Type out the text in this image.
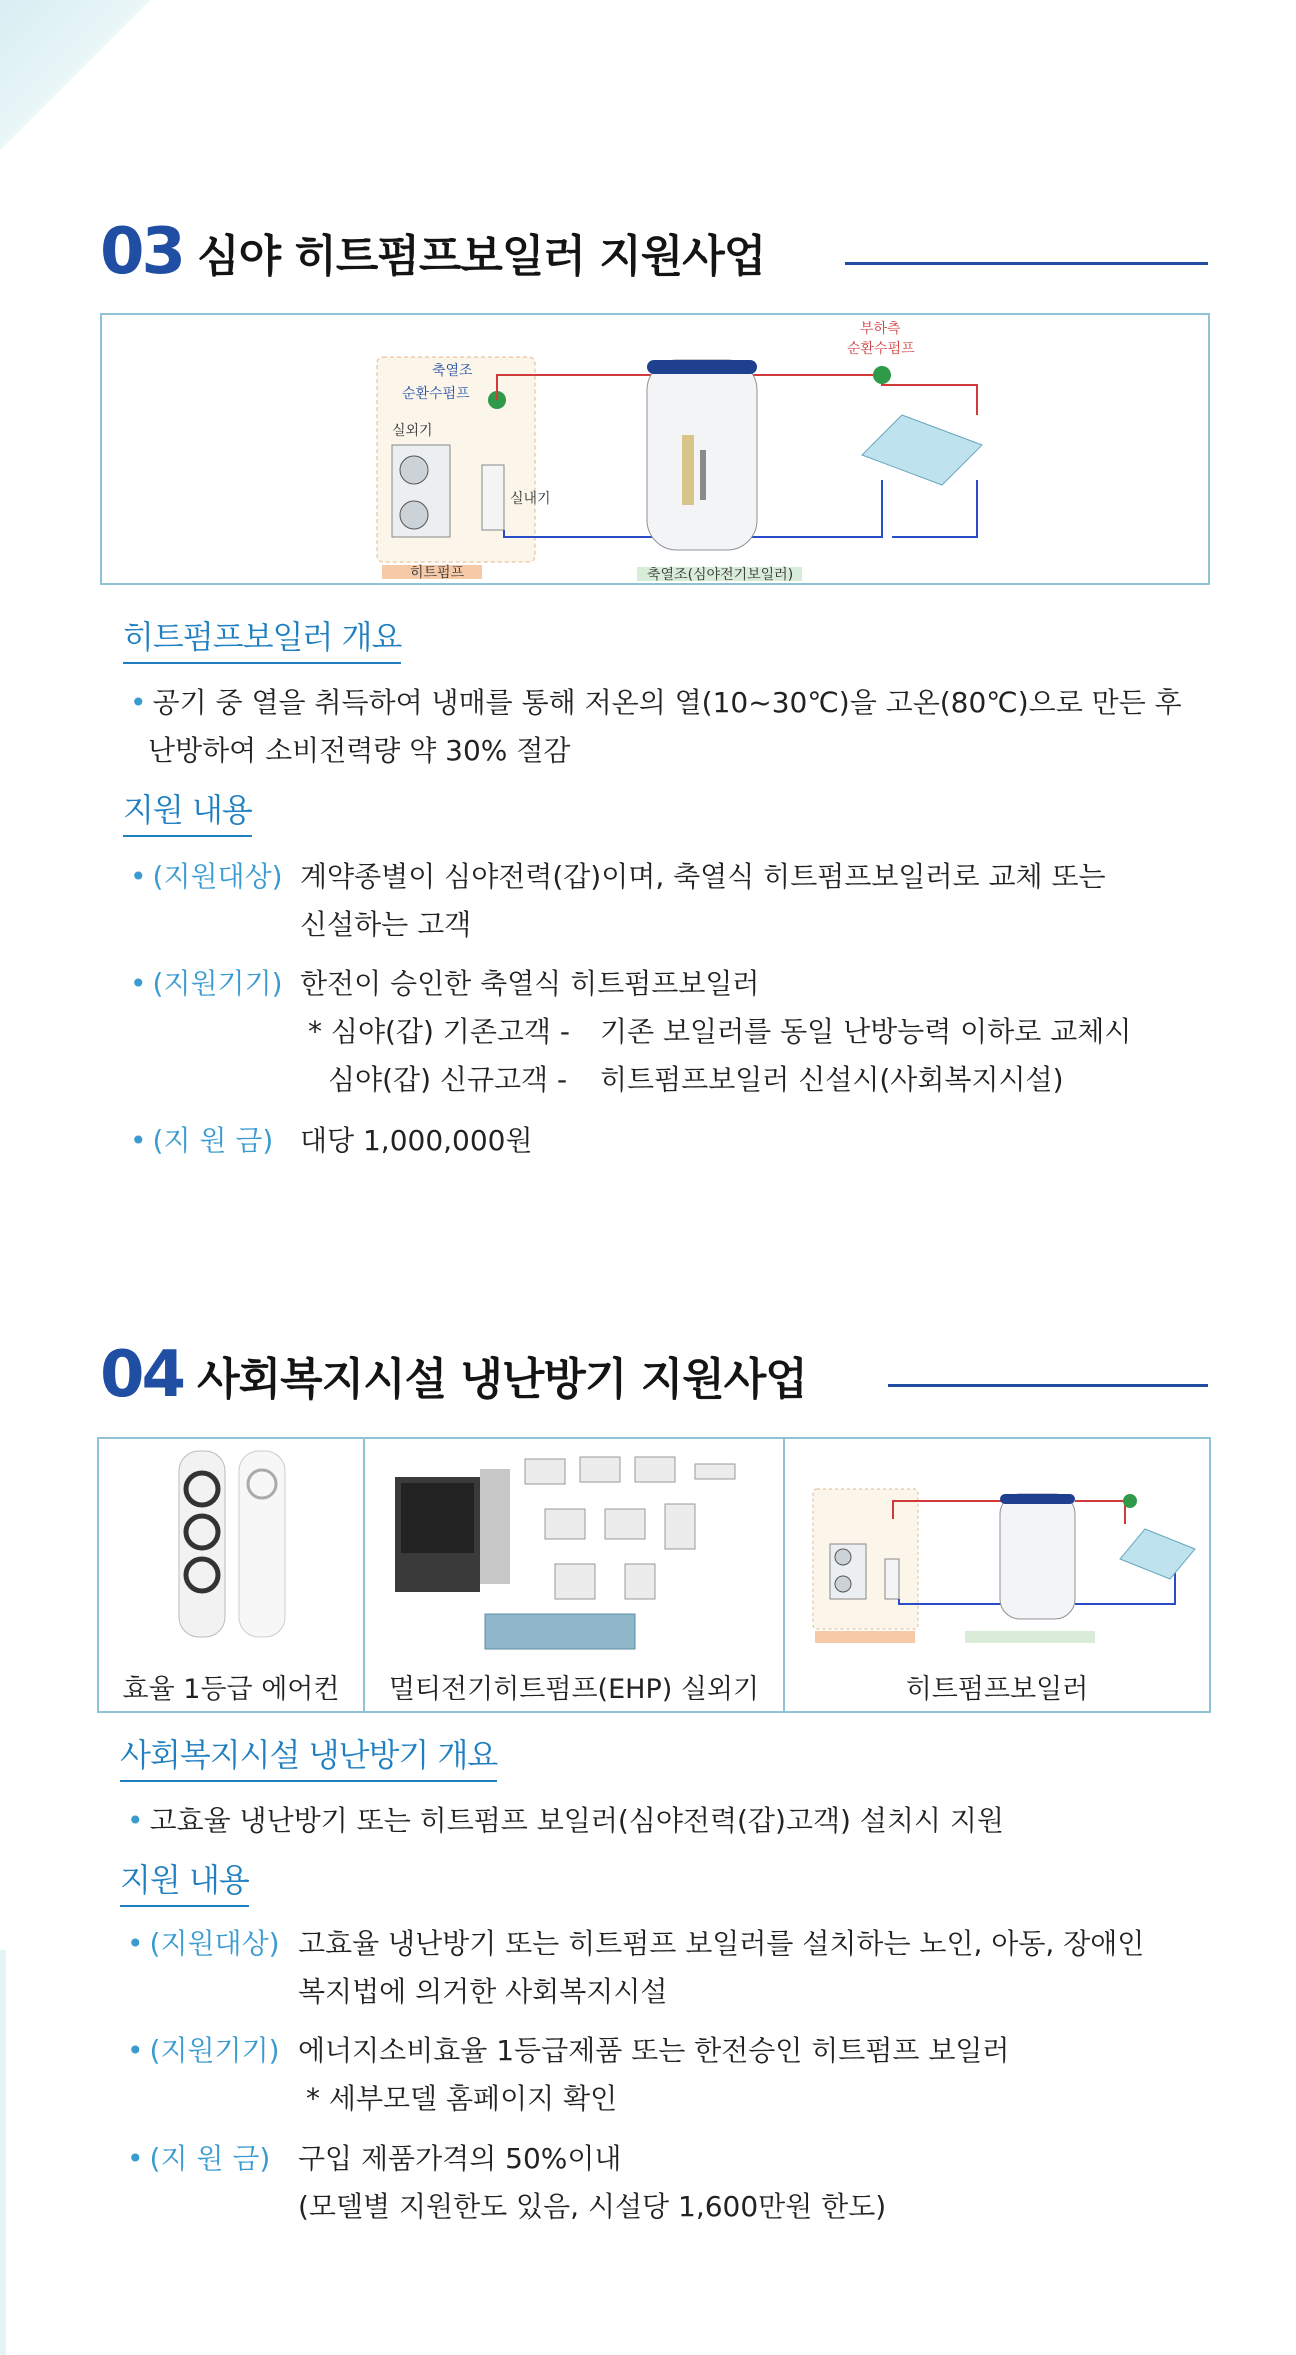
03 심야 히트펌프보일러 지원사업
축열조
순환수펌프
실외기
실내기
히트펌프	축열조(심야전기보일러)
부하측
순환수펌프
히트펌프보일러 개요
• 공기 중 열을 취득하여 냉매를 통해 저온의 열(10~30℃)을 고온(80℃)으로 만든 후
난방하여 소비전력량 약 30% 절감
지원 내용
• (지원대상) 계약종별이 심야전력(갑)이며, 축열식 히트펌프보일러로 교체 또는
신설하는 고객
• (지원기기) 한전이 승인한 축열식 히트펌프보일러
* 심야(갑) 기존고객 - 기존 보일러를 동일 난방능력 이하로 교체시
심야(갑) 신규고객 - 히트펌프보일러 신설시(사회복지시설)
• (지 원 금) 대당 1,000,000원
04 사회복지시설 냉난방기 지원사업
효율 1등급 에어컨	멀티전기히트펌프(EHP) 실외기	히트펌프보일러
사회복지시설 냉난방기 개요
• 고효율 냉난방기 또는 히트펌프 보일러(심야전력(갑)고객) 설치시 지원
지원 내용
• (지원대상) 고효율 냉난방기 또는 히트펌프 보일러를 설치하는 노인, 아동, 장애인
복지법에 의거한 사회복지시설
• (지원기기) 에너지소비효율 1등급제품 또는 한전승인 히트펌프 보일러
* 세부모델 홈페이지 확인
• (지 원 금) 구입 제품가격의 50%이내
(모델별 지원한도 있음, 시설당 1,600만원 한도)
